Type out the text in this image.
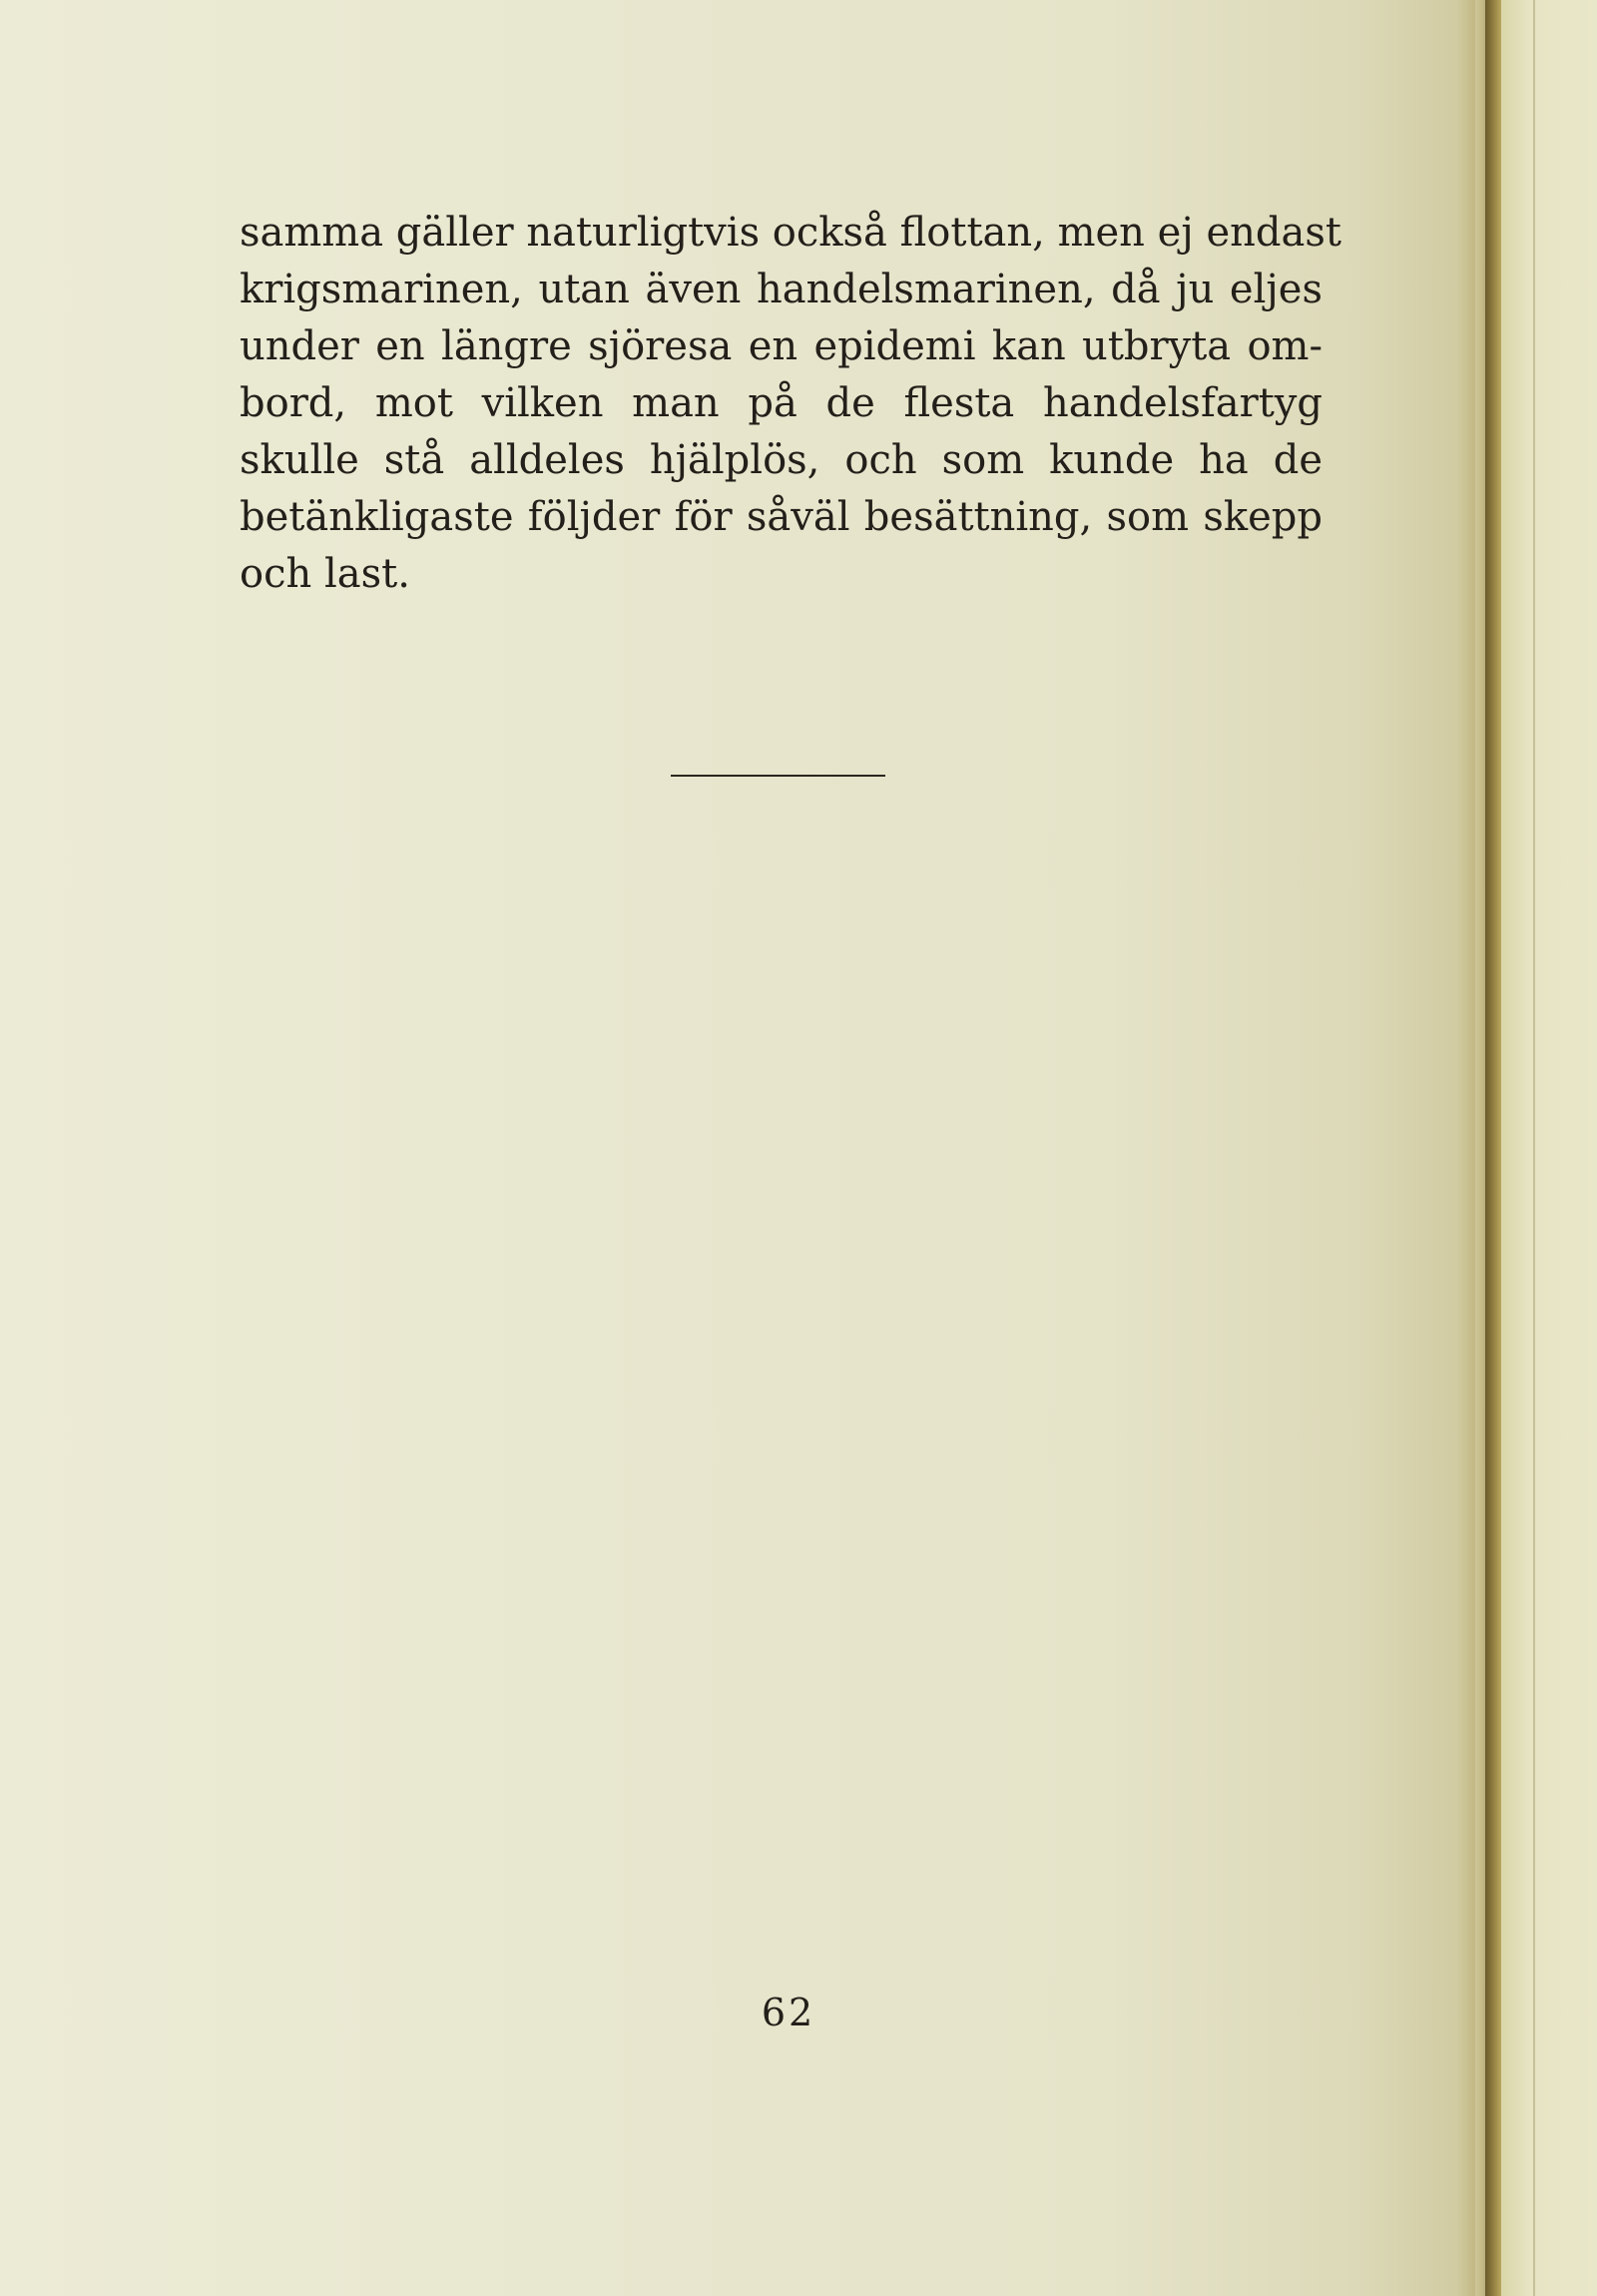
samma gäller naturligtvis också flottan, men ej endast
krigsmarinen, utan även handelsmarinen, då ju eljes
under en längre sjöresa en epidemi kan utbryta om-
bord, mot vilken man på de flesta handelsfartyg
skulle stå alldeles hjälplös, och som kunde ha de
betänkligaste följder för såväl besättning, som skepp
och last.
62
